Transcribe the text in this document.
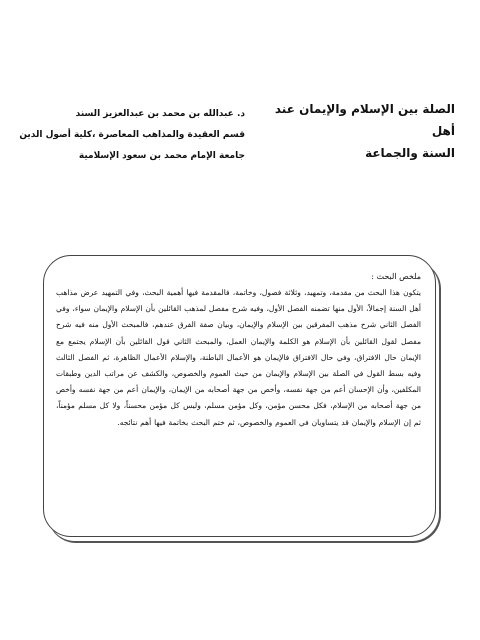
الصلة بين الإسلام والإيمان عند أهل
السنة والجماعة
د. عبدالله بن محمد بن عبدالعزيز السند
قسم العقيدة والمذاهب المعاصرة ،كلية أصول الدين
جامعة الإمام محمد بن سعود الإسلامية
ملخص البحث :
يتكون هذا البحث من مقدمة، وتمهيد، وثلاثة فصول، وخاتمة، فالمقدمة فيها أهمية البحث، وفي التمهيد عرض مذاهب أهل السنة إجمالاً، الأول منها تضمنه الفصل الأول، وفيه شرح مفصل لمذهب القائلين بأن الإسلام والإيمان سواء، وفي الفصل الثاني شرح مذهب المفرقين بين الإسلام والإيمان، وبيان صفة الفرق عندهم، فالمبحث الأول منه فيه شرح مفصل لقول القائلين بأن الإسلام هو الكلمة والإيمان العمل، والمبحث الثاني قول القائلين بأن الإسلام يجتمع مع الإيمان حال الافتراق، وفي حال الافتراق فالإيمان هو الأعمال الباطنة، والإسلام الأعمال الظاهرة، ثم الفصل الثالث وفيه بسط القول في الصلة بين الإسلام والإيمان من حيث العموم والخصوص، والكشف عن مراتب الدين وطبقات المكلفين، وأن الإحسان أعم من جهة نفسه، وأخص من جهة أصحابه من الإيمان، والإيمان أعم من جهة نفسه وأخص من جهة أصحابه من الإسلام، فكل محسن مؤمن، وكل مؤمن مسلم، وليس كل مؤمن محسناً، ولا كل مسلم مؤمناً، ثم إن الإسلام والإيمان قد يتساويان في العموم والخصوص، ثم ختم البحث بخاتمة فيها أهم نتائجه.
